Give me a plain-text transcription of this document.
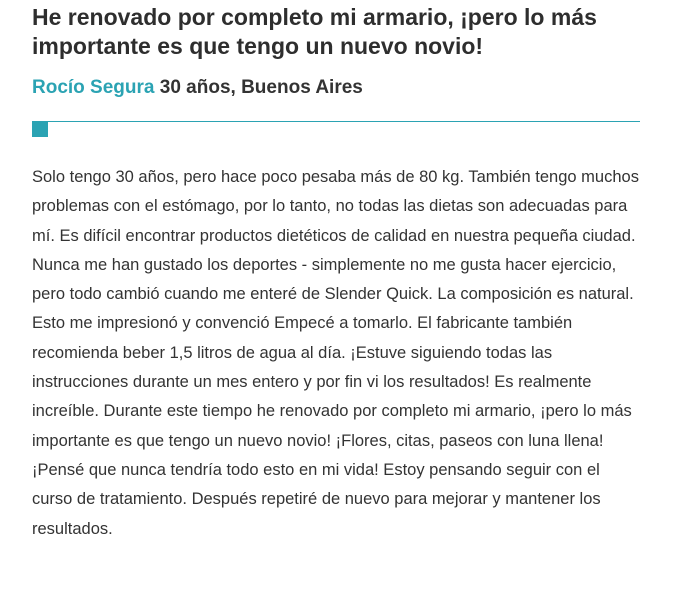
He renovado por completo mi armario, ¡pero lo más importante es que tengo un nuevo novio!
Rocío Segura 30 años, Buenos Aires

Solo tengo 30 años, pero hace poco pesaba más de 80 kg. También tengo muchos problemas con el estómago, por lo tanto, no todas las dietas son adecuadas para mí. Es difícil encontrar productos dietéticos de calidad en nuestra pequeña ciudad. Nunca me han gustado los deportes - simplemente no me gusta hacer ejercicio, pero todo cambió cuando me enteré de Slender Quick. La composición es natural. Esto me impresionó y convenció Empecé a tomarlo. El fabricante también recomienda beber 1,5 litros de agua al día. ¡Estuve siguiendo todas las instrucciones durante un mes entero y por fin vi los resultados! Es realmente increíble. Durante este tiempo he renovado por completo mi armario, ¡pero lo más importante es que tengo un nuevo novio! ¡Flores, citas, paseos con luna llena! ¡Pensé que nunca tendría todo esto en mi vida! Estoy pensando seguir con el curso de tratamiento. Después repetiré de nuevo para mejorar y mantener los resultados.
